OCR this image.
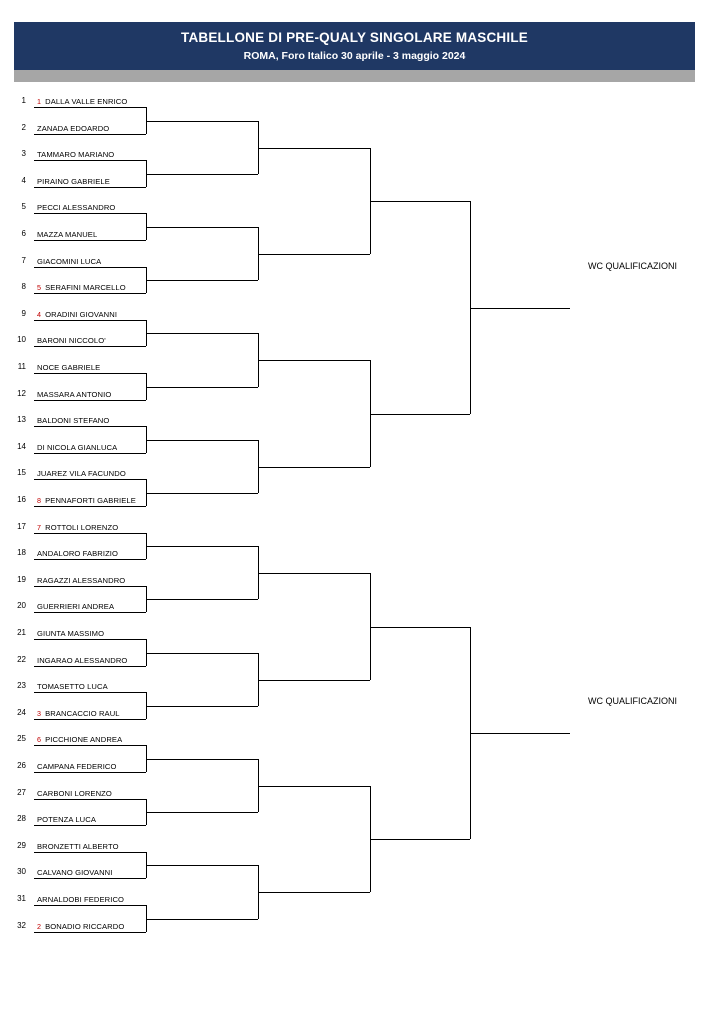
TABELLONE DI PRE-QUALY SINGOLARE MASCHILE
ROMA, Foro Italico 30 aprile - 3 maggio 2024
1 1 DALLA VALLE ENRICO
2 ZANADA EDOARDO
3 TAMMARO MARIANO
4 PIRAINO GABRIELE
5 PECCI ALESSANDRO
6 MAZZA MANUEL
7 GIACOMINI LUCA
8 5 SERAFINI MARCELLO
9 4 ORADINI GIOVANNI
10 BARONI NICCOLO'
11 NOCE GABRIELE
12 MASSARA ANTONIO
13 BALDONI STEFANO
14 DI NICOLA GIANLUCA
15 JUAREZ VILA FACUNDO
16 8 PENNAFORTI GABRIELE
17 7 ROTTOLI LORENZO
18 ANDALORO FABRIZIO
19 RAGAZZI ALESSANDRO
20 GUERRIERI ANDREA
21 GIUNTA MASSIMO
22 INGARAO ALESSANDRO
23 TOMASETTO LUCA
24 3 BRANCACCIO RAUL
25 6 PICCHIONE ANDREA
26 CAMPANA FEDERICO
27 CARBONI LORENZO
28 POTENZA LUCA
29 BRONZETTI ALBERTO
30 CALVANO GIOVANNI
31 ARNALDOBI FEDERICO
32 2 BONADIO RICCARDO
WC QUALIFICAZIONI
WC QUALIFICAZIONI
